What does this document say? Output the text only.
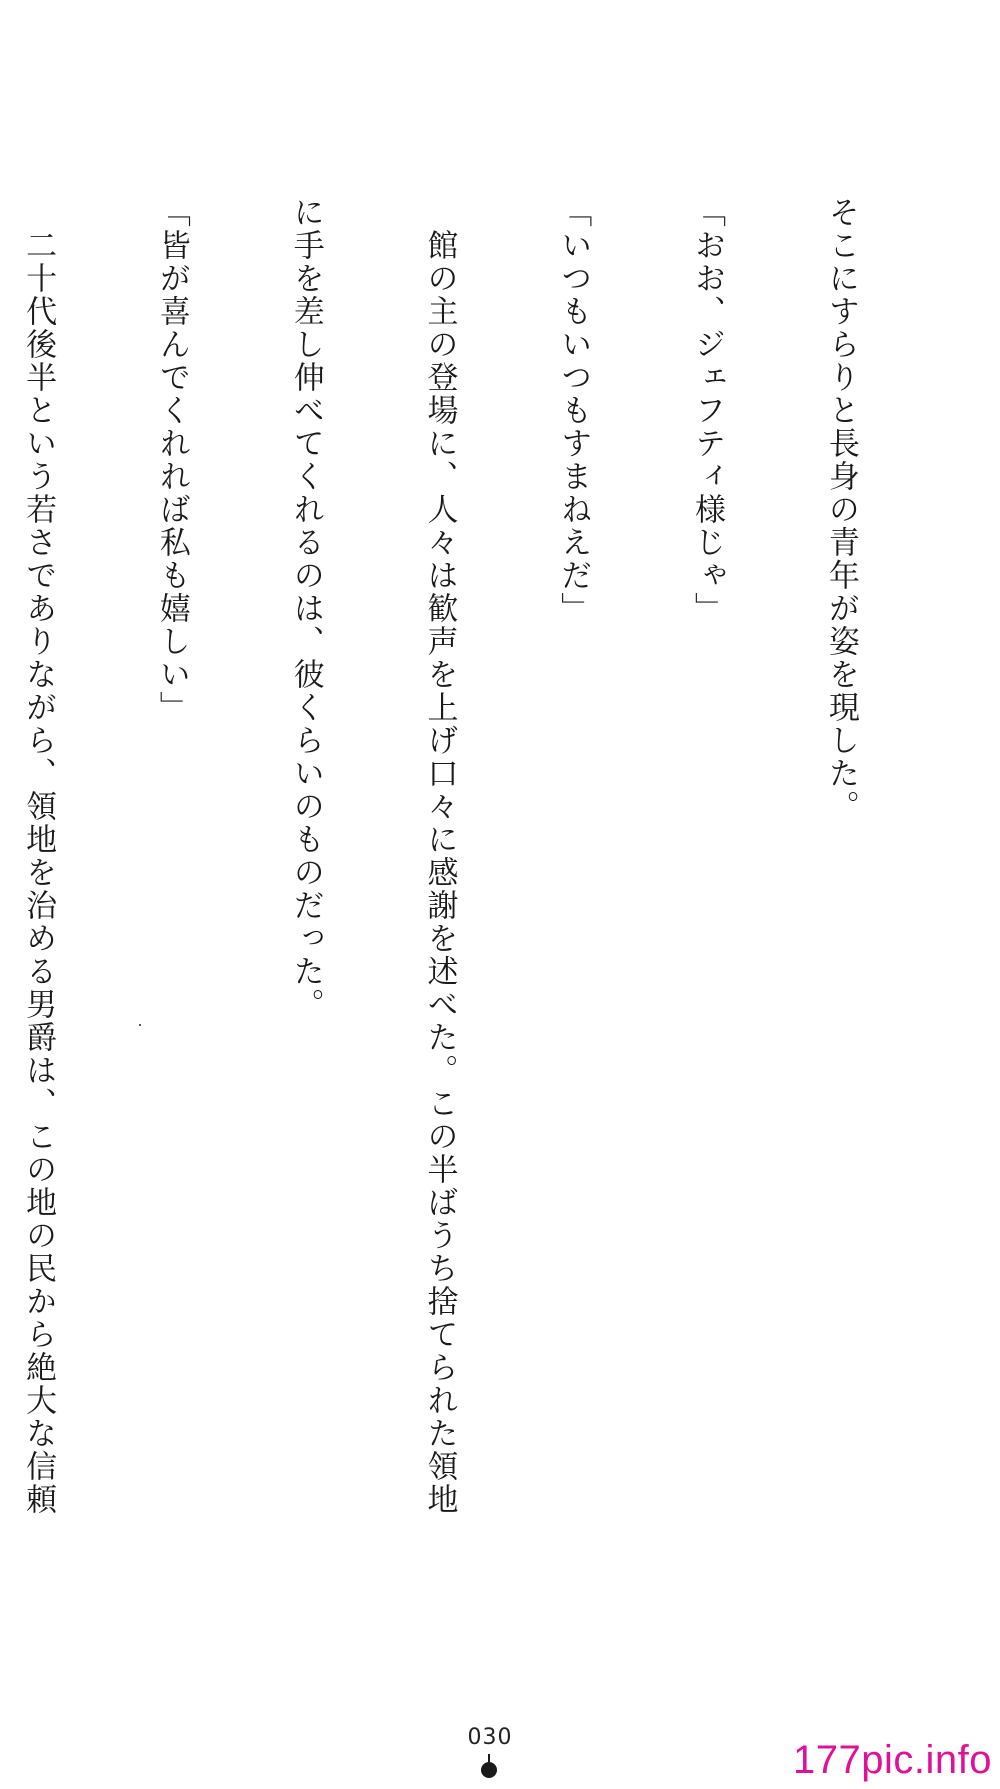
そこにすらりと長身の青年が姿を現した。

「おお、ジェフティ様じゃ」

「いつもいつもすまねえだ」

　館の主の登場に、人々は歓声を上げ口々に感謝を述べた。この半ばうち捨てられた領地

に手を差し伸べてくれるのは、彼くらいのものだった。

「皆が喜んでくれれば私も嬉しい」

　二十代後半という若さでありながら、領地を治める男爵は、この地の民から絶大な信頼

030
177pic.info
